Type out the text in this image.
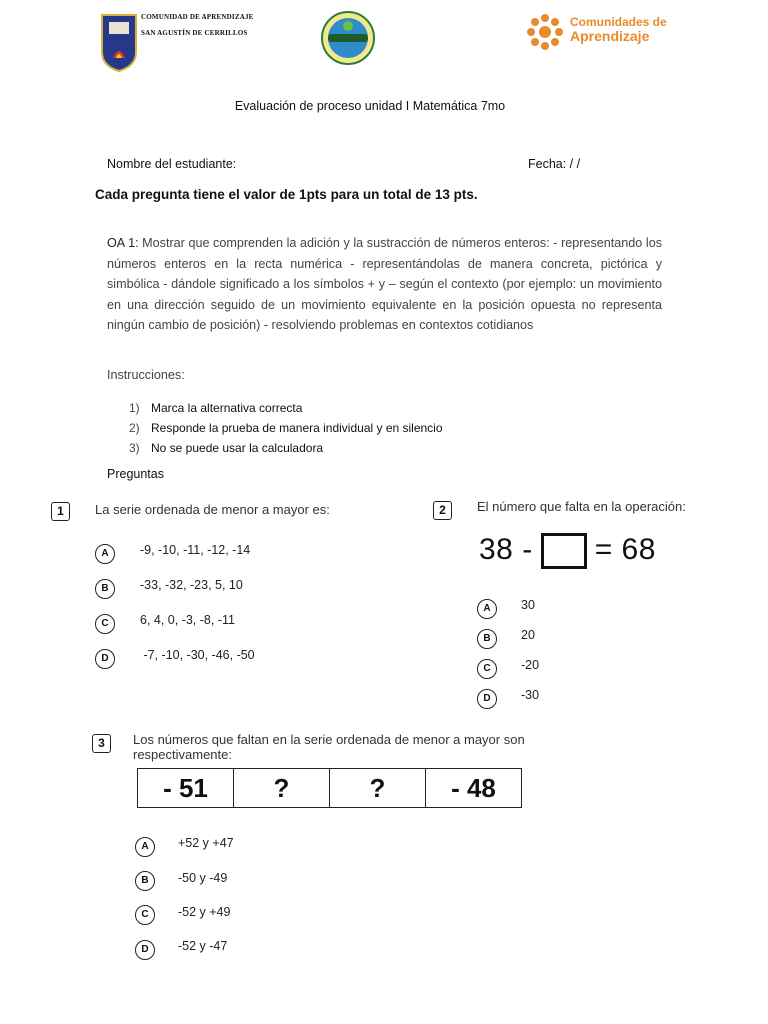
COMUNIDAD DE APRENDIZAJE
SAN AGUSTÍN DE CERRILLOS
Comunidades de
Aprendizaje
Evaluación de proceso unidad I Matemática 7mo
Nombre del estudiante:	Fecha: / /
Cada pregunta tiene el valor de 1pts para un total de 13 pts.
OA 1: Mostrar que comprenden la adición y la sustracción de números enteros: - representando los números enteros en la recta numérica - representándolas de manera concreta, pictórica y simbólica - dándole significado a los símbolos + y – según el contexto (por ejemplo: un movimiento en una dirección seguido de un movimiento equivalente en la posición opuesta no representa ningún cambio de posición) - resolviendo problemas en contextos cotidianos
Instrucciones:
1) Marca la alternativa correcta
2) Responde la prueba de manera individual y en silencio
3) No se puede usar la calculadora
Preguntas
1	La serie ordenada de menor a mayor es:
A	-9, -10, -11, -12, -14
B	-33, -32, -23, 5, 10
C	6, 4, 0, -3, -8, -11
D	-7, -10, -30, -46, -50
2	El número que falta en la operación:
38 - = 68
A	30
B	20
C	-20
D	-30
3	Los números que faltan en la serie ordenada de menor a mayor son
respectivamente:
- 51	?	?	- 48
A	+52 y +47
B	-50 y -49
C	-52 y +49
D	-52 y -47
